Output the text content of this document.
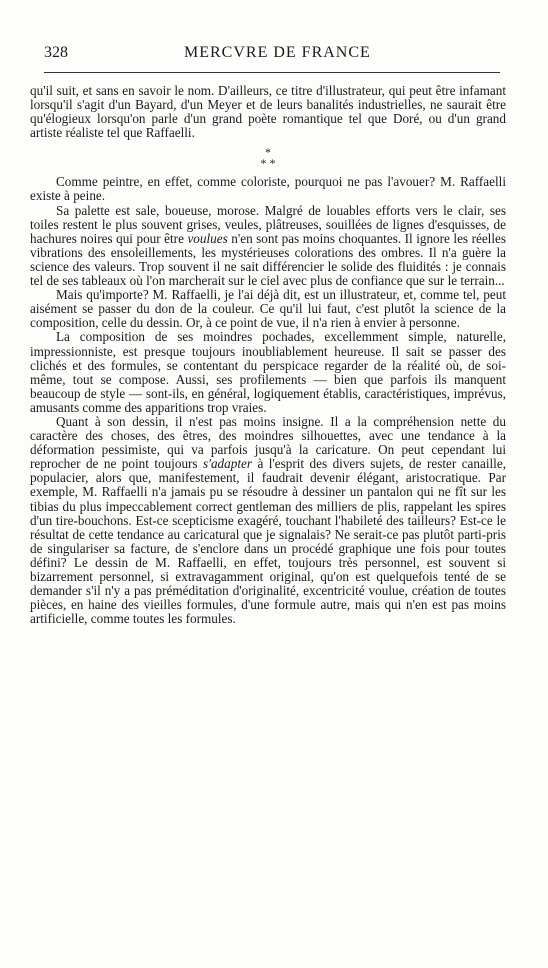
328	MERCVRE DE FRANCE

qu'il suit, et sans en savoir le nom. D'ailleurs, ce titre d'illustrateur, qui peut être infamant lorsqu'il s'agit d'un Bayard, d'un Meyer et de leurs banalités industrielles, ne saurait être qu'élogieux lorsqu'on parle d'un grand poète romantique tel que Doré, ou d'un grand artiste réaliste tel que Raffaelli.

*
* *

Comme peintre, en effet, comme coloriste, pourquoi ne pas l'avouer? M. Raffaelli existe à peine.

Sa palette est sale, boueuse, morose. Malgré de louables efforts vers le clair, ses toiles restent le plus souvent grises, veules, plâtreuses, souillées de lignes d'esquisses, de hachures noires qui pour être voulues n'en sont pas moins choquantes. Il ignore les réelles vibrations des ensoleillements, les mystérieuses colorations des ombres. Il n'a guère la science des valeurs. Trop souvent il ne sait différencier le solide des fluidités : je connais tel de ses tableaux où l'on marcherait sur le ciel avec plus de confiance que sur le terrain...

Mais qu'importe? M. Raffaelli, je l'ai déjà dit, est un illustrateur, et, comme tel, peut aisément se passer du don de la couleur. Ce qu'il lui faut, c'est plutôt la science de la composition, celle du dessin. Or, à ce point de vue, il n'a rien à envier à personne.

La composition de ses moindres pochades, excellemment simple, naturelle, impressionniste, est presque toujours inoubliablement heureuse. Il sait se passer des clichés et des formules, se contentant du perspicace regarder de la réalité où, de soi-même, tout se compose. Aussi, ses profilements — bien que parfois ils manquent beaucoup de style — sont-ils, en général, logiquement établis, caractéristiques, imprévus, amusants comme des apparitions trop vraies.

Quant à son dessin, il n'est pas moins insigne. Il a la compréhension nette du caractère des choses, des êtres, des moindres silhouettes, avec une tendance à la déformation pessimiste, qui va parfois jusqu'à la caricature. On peut cependant lui reprocher de ne point toujours s'adapter à l'esprit des divers sujets, de rester canaille, populacier, alors que, manifestement, il faudrait devenir élégant, aristocratique. Par exemple, M. Raffaelli n'a jamais pu se résoudre à dessiner un pantalon qui ne fît sur les tibias du plus impeccablement correct gentleman des milliers de plis, rappelant les spires d'un tire-bouchons. Est-ce scepticisme exagéré, touchant l'habileté des tailleurs? Est-ce le résultat de cette tendance au caricatural que je signalais? Ne serait-ce pas plutôt parti-pris de singulariser sa facture, de s'enclore dans un procédé graphique une fois pour toutes défini? Le dessin de M. Raffaelli, en effet, toujours très personnel, est souvent si bizarrement personnel, si extravagamment original, qu'on est quelquefois tenté de se demander s'il n'y a pas préméditation d'originalité, excentricité voulue, création de toutes pièces, en haine des vieilles formules, d'une formule autre, mais qui n'en est pas moins artificielle, comme toutes les formules.
